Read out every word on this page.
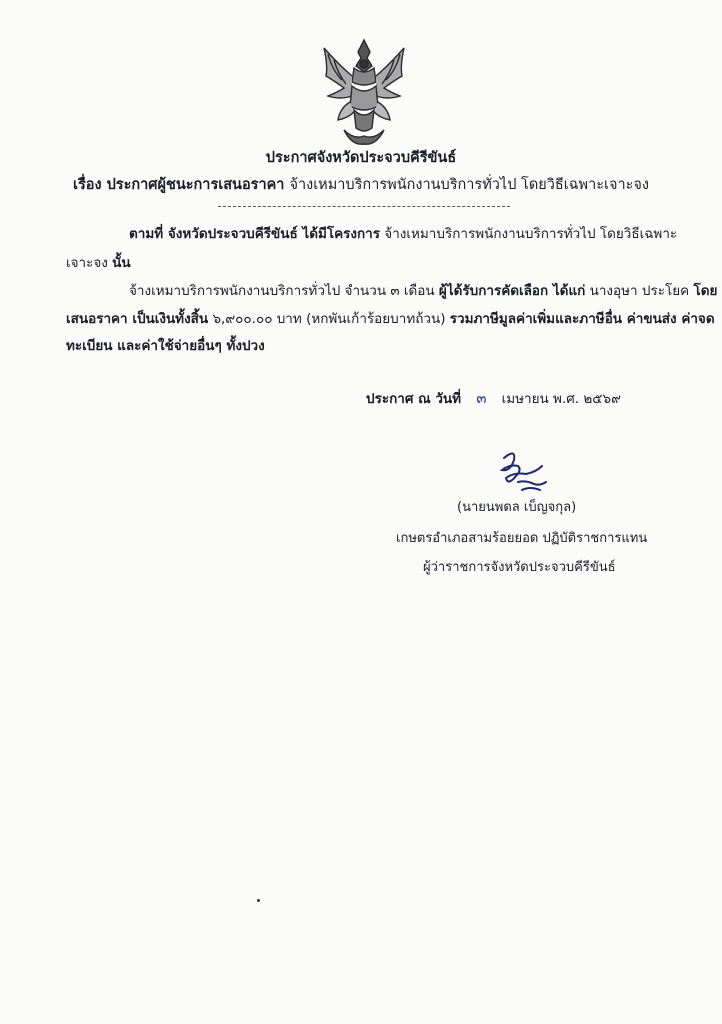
ประกาศจังหวัดประจวบคีรีขันธ์
เรื่อง ประกาศผู้ชนะการเสนอราคา จ้างเหมาบริการพนักงานบริการทั่วไป โดยวิธีเฉพาะเจาะจง
ตามที่ จังหวัดประจวบคีรีขันธ์ ได้มีโครงการ จ้างเหมาบริการพนักงานบริการทั่วไป โดยวิธีเฉพาะ
เจาะจง นั้น
จ้างเหมาบริการพนักงานบริการทั่วไป จำนวน ๓ เดือน ผู้ได้รับการคัดเลือก ได้แก่ นางอุษา ประโยค โดย
เสนอราคา เป็นเงินทั้งสิ้น ๖,๙๐๐.๐๐ บาท (หกพันเก้าร้อยบาทถ้วน) รวมภาษีมูลค่าเพิ่มและภาษีอื่น ค่าขนส่ง ค่าจด
ทะเบียน และค่าใช้จ่ายอื่นๆ ทั้งปวง
ประกาศ ณ วันที่ ๓ เมษายน พ.ศ. ๒๕๖๙
(นายนพดล เบ็ญจกุล)
เกษตรอำเภอสามร้อยยอด ปฏิบัติราชการแทน
ผู้ว่าราชการจังหวัดประจวบคีรีขันธ์
